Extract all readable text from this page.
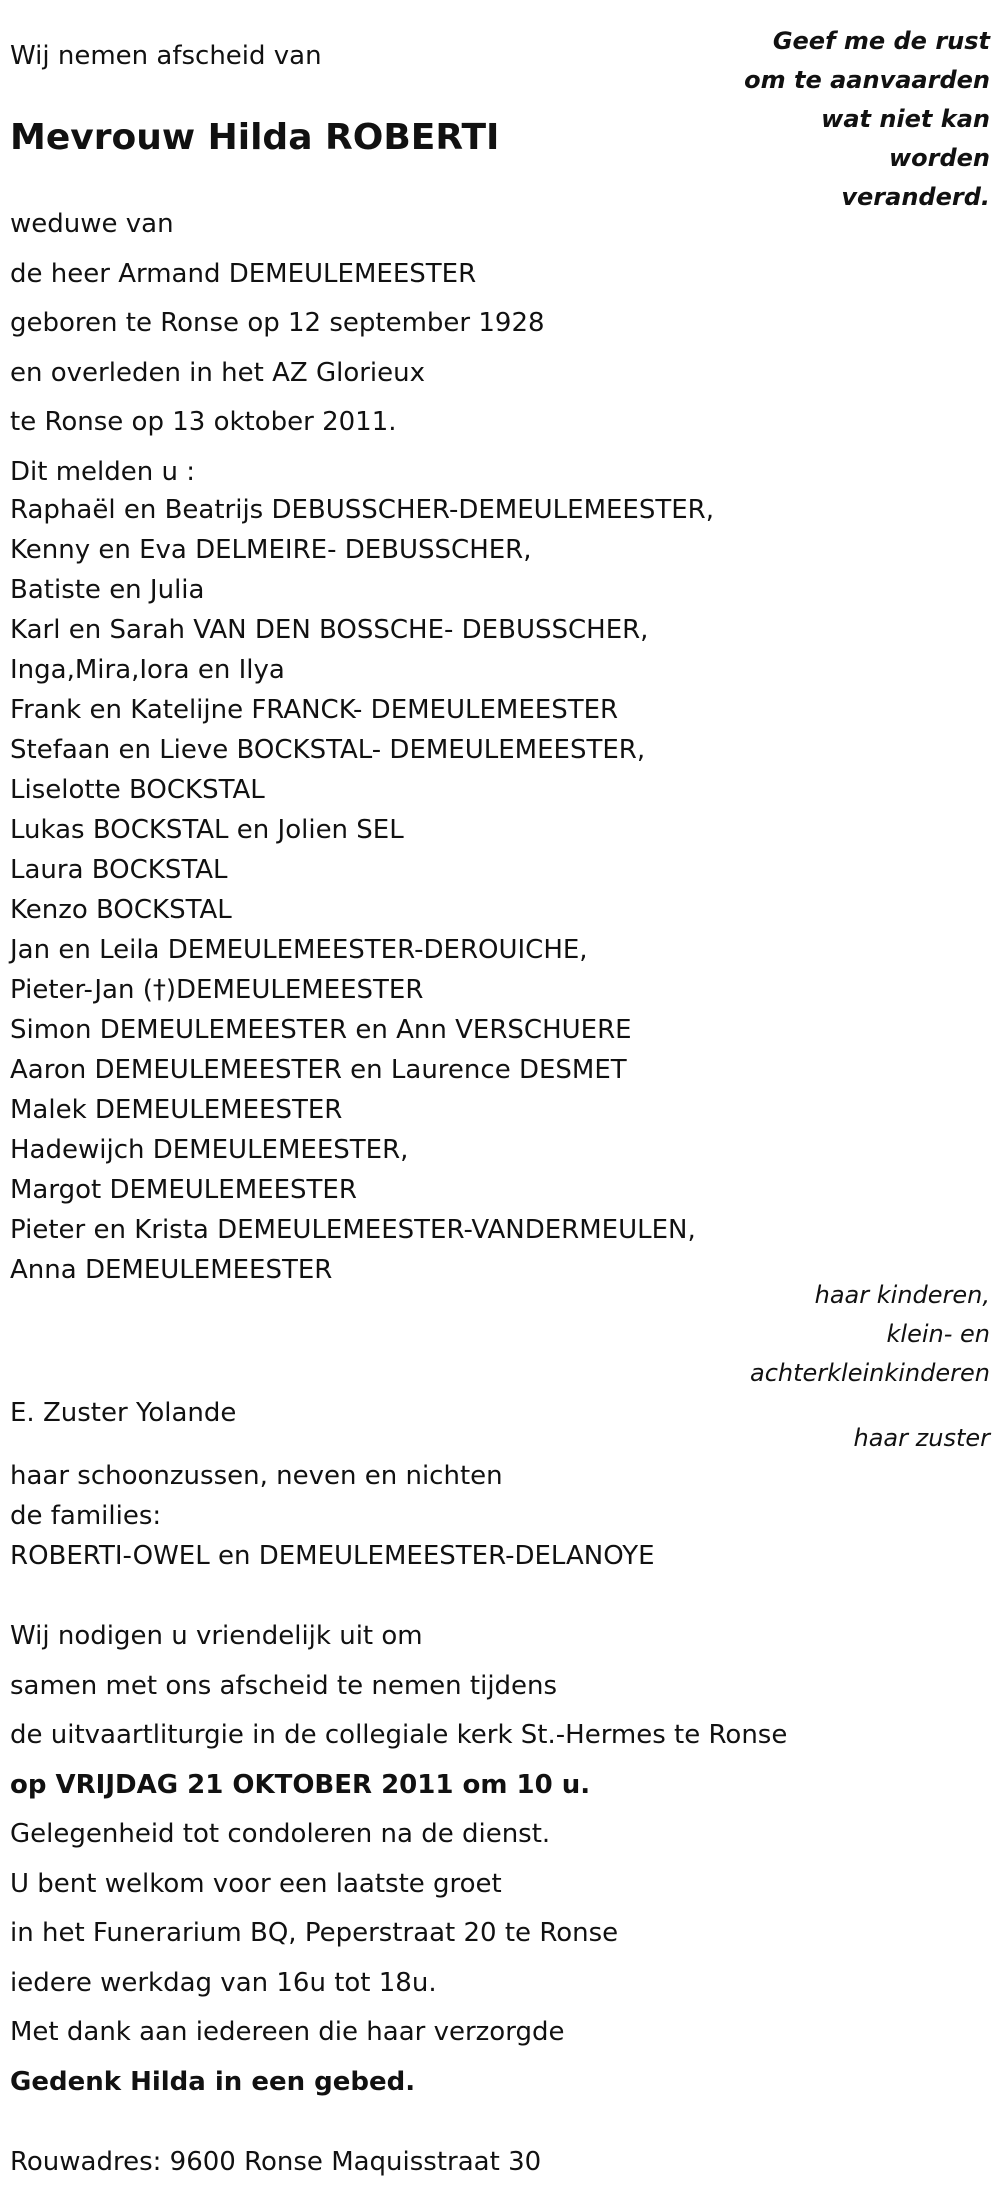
Wij nemen afscheid van
Mevrouw Hilda ROBERTI
Geef me de rust
om te aanvaarden
wat niet kan
worden
veranderd.
weduwe van
de heer Armand DEMEULEMEESTER
geboren te Ronse op 12 september 1928
en overleden in het AZ Glorieux
te Ronse op 13 oktober 2011.
Dit melden u :
Raphaël en Beatrijs DEBUSSCHER-DEMEULEMEESTER,
Kenny en Eva DELMEIRE- DEBUSSCHER,
Batiste en Julia
Karl en Sarah VAN DEN BOSSCHE- DEBUSSCHER,
Inga,Mira,Iora en Ilya
Frank en Katelijne FRANCK- DEMEULEMEESTER
Stefaan en Lieve BOCKSTAL- DEMEULEMEESTER,
Liselotte BOCKSTAL
Lukas BOCKSTAL en Jolien SEL
Laura BOCKSTAL
Kenzo BOCKSTAL
Jan en Leila DEMEULEMEESTER-DEROUICHE,
Pieter-Jan (†)DEMEULEMEESTER
Simon DEMEULEMEESTER en Ann VERSCHUERE
Aaron DEMEULEMEESTER en Laurence DESMET
Malek DEMEULEMEESTER
Hadewijch DEMEULEMEESTER,
Margot DEMEULEMEESTER
Pieter en Krista DEMEULEMEESTER-VANDERMEULEN,
Anna DEMEULEMEESTER
haar kinderen,
klein- en
achterkleinkinderen
E. Zuster Yolande
haar zuster
haar schoonzussen, neven en nichten
de families:
ROBERTI-OWEL en DEMEULEMEESTER-DELANOYE
Wij nodigen u vriendelijk uit om
samen met ons afscheid te nemen tijdens
de uitvaartliturgie in de collegiale kerk St.-Hermes te Ronse
op VRIJDAG 21 OKTOBER 2011 om 10 u.
Gelegenheid tot condoleren na de dienst.
U bent welkom voor een laatste groet
in het Funerarium BQ, Peperstraat 20 te Ronse
iedere werkdag van 16u tot 18u.
Met dank aan iedereen die haar verzorgde
Gedenk Hilda in een gebed.
Rouwadres: 9600 Ronse Maquisstraat 30
